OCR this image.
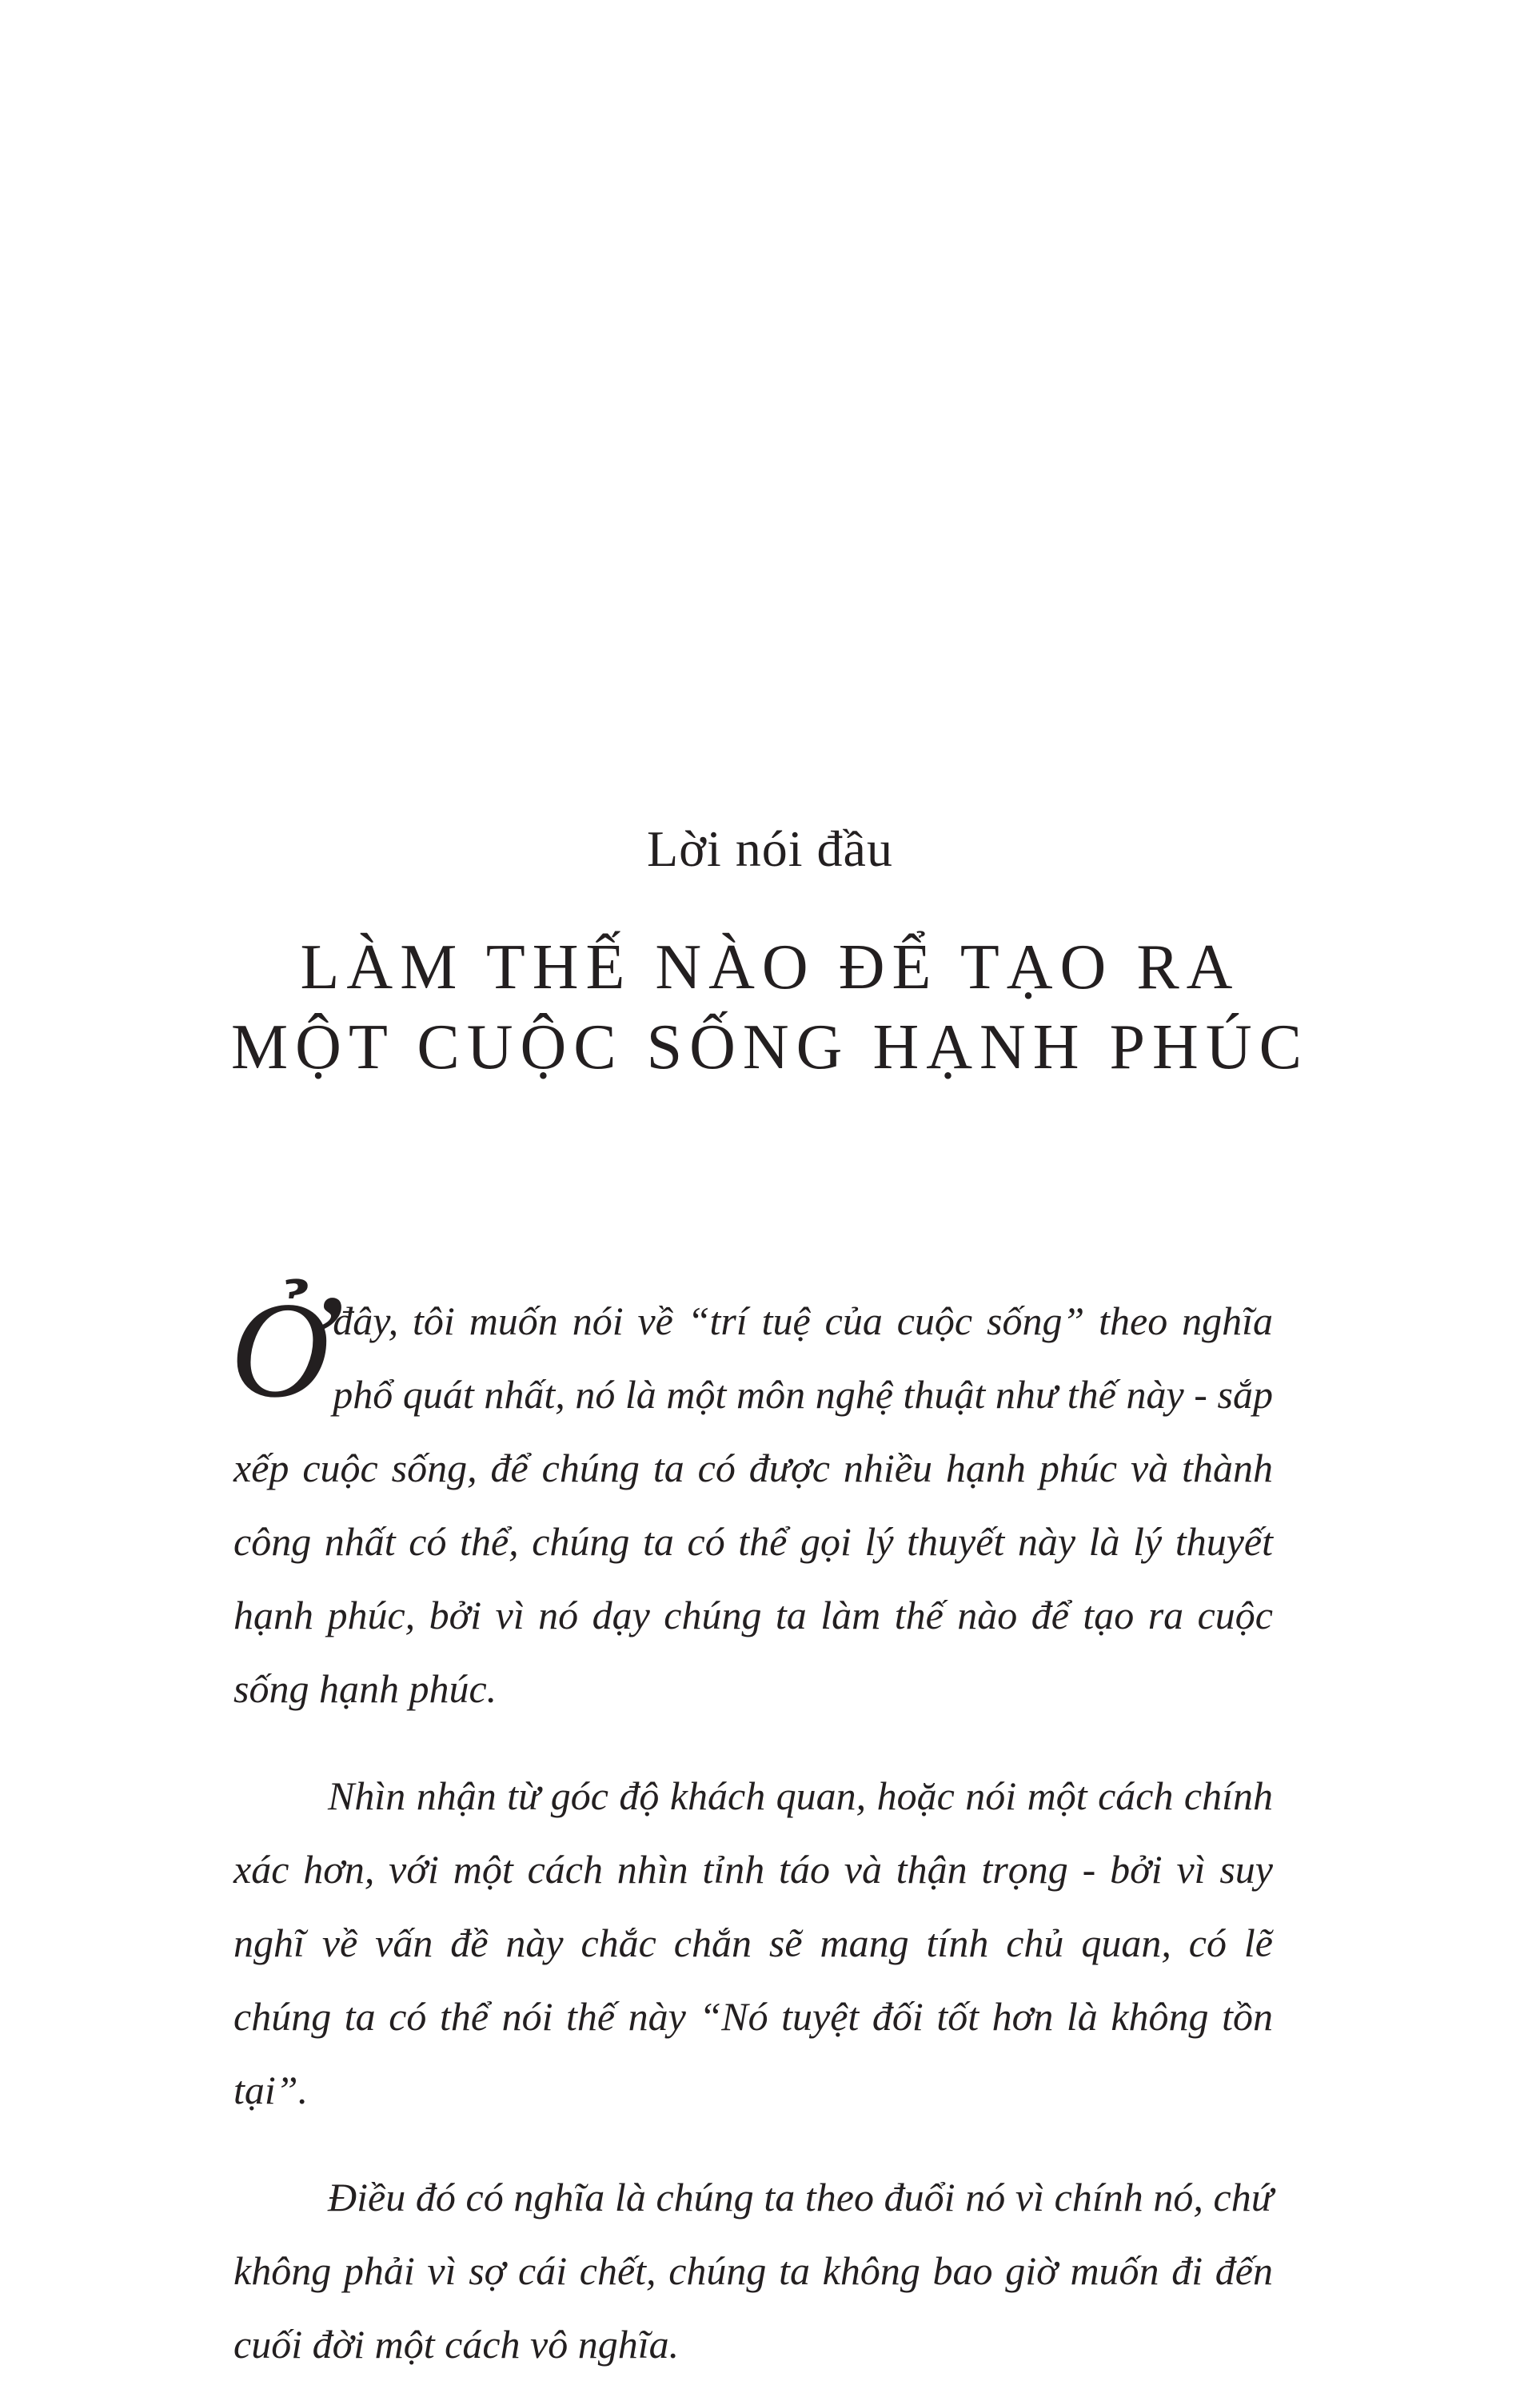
Lời nói đầu
LÀM THẾ NÀO ĐỂ TẠO RA
MỘT CUỘC SỐNG HẠNH PHÚC

Ởđây, tôi muốn nói về “trí tuệ của cuộc sống” theo nghĩa phổ quát nhất, nó là một môn nghệ thuật như thế này - sắp xếp cuộc sống, để chúng ta có được nhiều hạnh phúc và thành công nhất có thể, chúng ta có thể gọi lý thuyết này là lý thuyết hạnh phúc, bởi vì nó dạy chúng ta làm thế nào để tạo ra cuộc sống hạnh phúc.

Nhìn nhận từ góc độ khách quan, hoặc nói một cách chính xác hơn, với một cách nhìn tỉnh táo và thận trọng - bởi vì suy nghĩ về vấn đề này chắc chắn sẽ mang tính chủ quan, có lẽ chúng ta có thể nói thế này “Nó tuyệt đối tốt hơn là không tồn tại”.

Điều đó có nghĩa là chúng ta theo đuổi nó vì chính nó, chứ không phải vì sợ cái chết, chúng ta không bao giờ muốn đi đến cuối đời một cách vô nghĩa.
